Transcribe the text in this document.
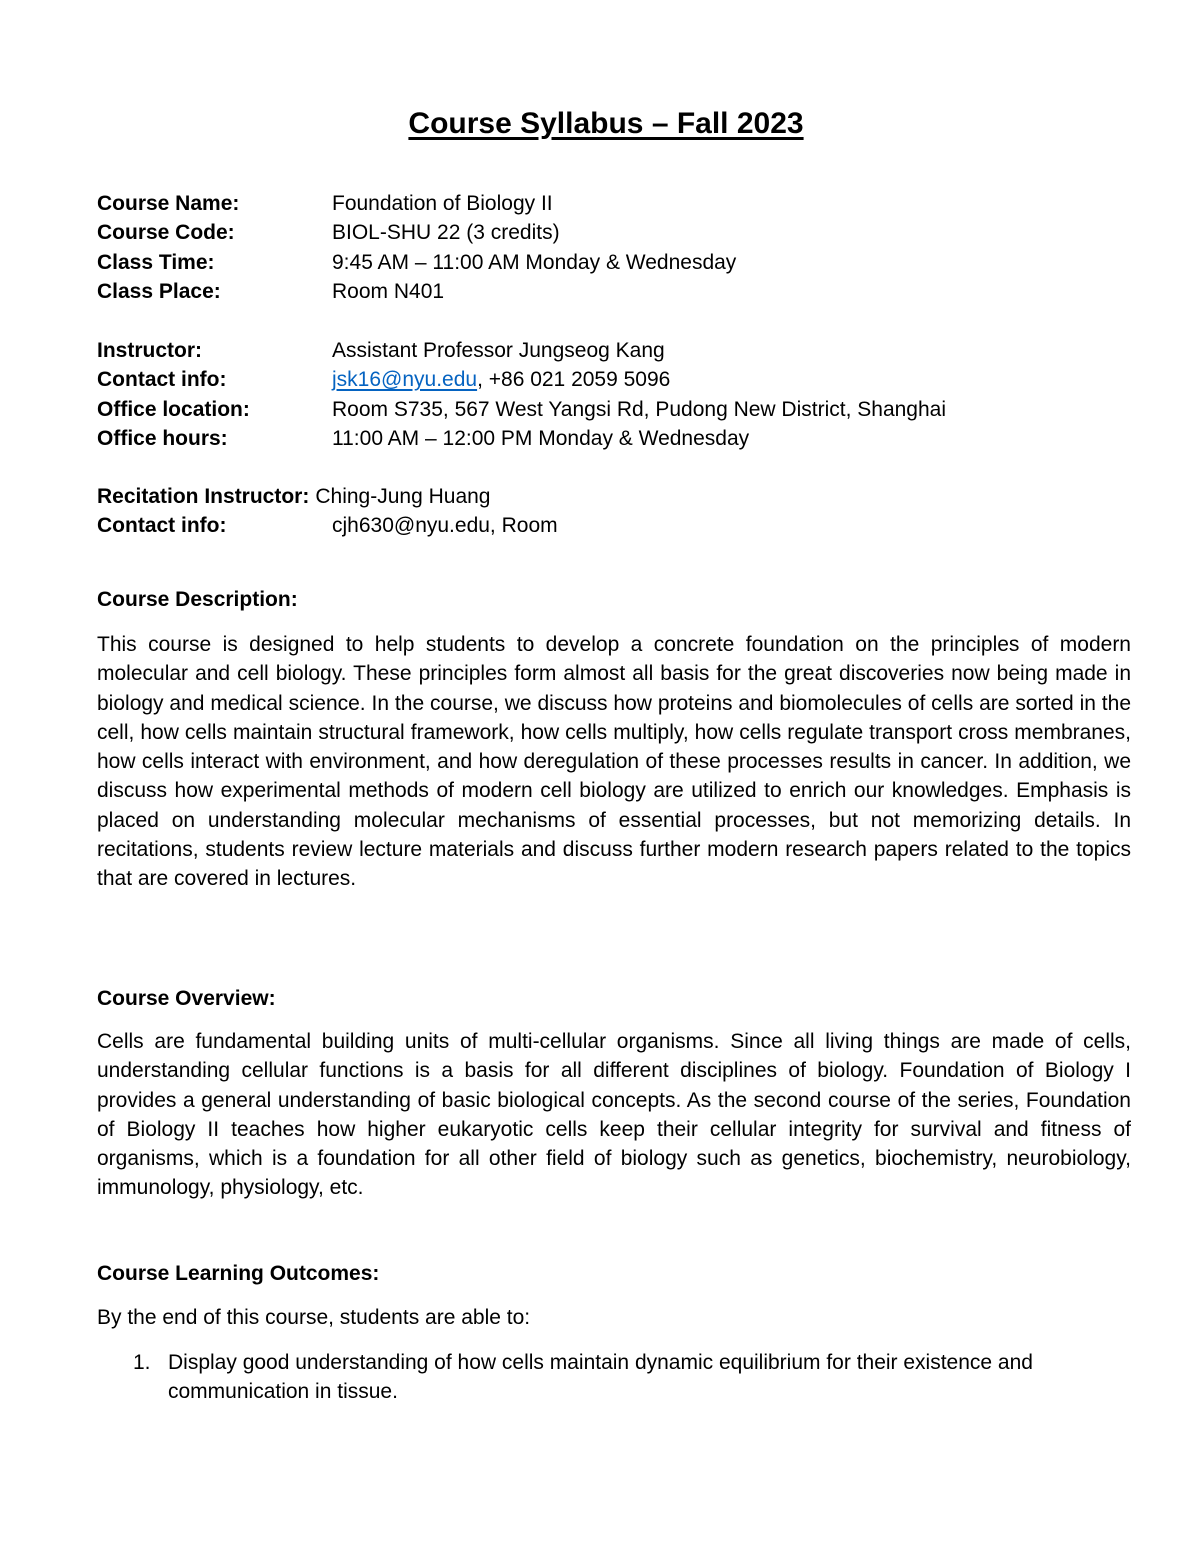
Course Syllabus – Fall 2023
Course Name:	Foundation of Biology II
Course Code:	BIOL-SHU 22 (3 credits)
Class Time:	9:45 AM – 11:00 AM Monday & Wednesday
Class Place:	Room N401
Instructor:	Assistant Professor Jungseog Kang
Contact info:	jsk16@nyu.edu, +86 021 2059 5096
Office location:	Room S735, 567 West Yangsi Rd, Pudong New District, Shanghai
Office hours:	11:00 AM – 12:00 PM Monday & Wednesday
Recitation Instructor: Ching-Jung Huang
Contact info:	cjh630@nyu.edu, Room
Course Description:

This course is designed to help students to develop a concrete foundation on the principles of modern molecular and cell biology. These principles form almost all basis for the great discoveries now being made in biology and medical science. In the course, we discuss how proteins and biomolecules of cells are sorted in the cell, how cells maintain structural framework, how cells multiply, how cells regulate transport cross membranes, how cells interact with environment, and how deregulation of these processes results in cancer. In addition, we discuss how experimental methods of modern cell biology are utilized to enrich our knowledges. Emphasis is placed on understanding molecular mechanisms of essential processes, but not memorizing details. In recitations, students review lecture materials and discuss further modern research papers related to the topics that are covered in lectures.

Course Overview:

Cells are fundamental building units of multi-cellular organisms. Since all living things are made of cells, understanding cellular functions is a basis for all different disciplines of biology. Foundation of Biology I provides a general understanding of basic biological concepts. As the second course of the series, Foundation of Biology II teaches how higher eukaryotic cells keep their cellular integrity for survival and fitness of organisms, which is a foundation for all other field of biology such as genetics, biochemistry, neurobiology, immunology, physiology, etc.

Course Learning Outcomes:

By the end of this course, students are able to:

1. Display good understanding of how cells maintain dynamic equilibrium for their existence and communication in tissue.
